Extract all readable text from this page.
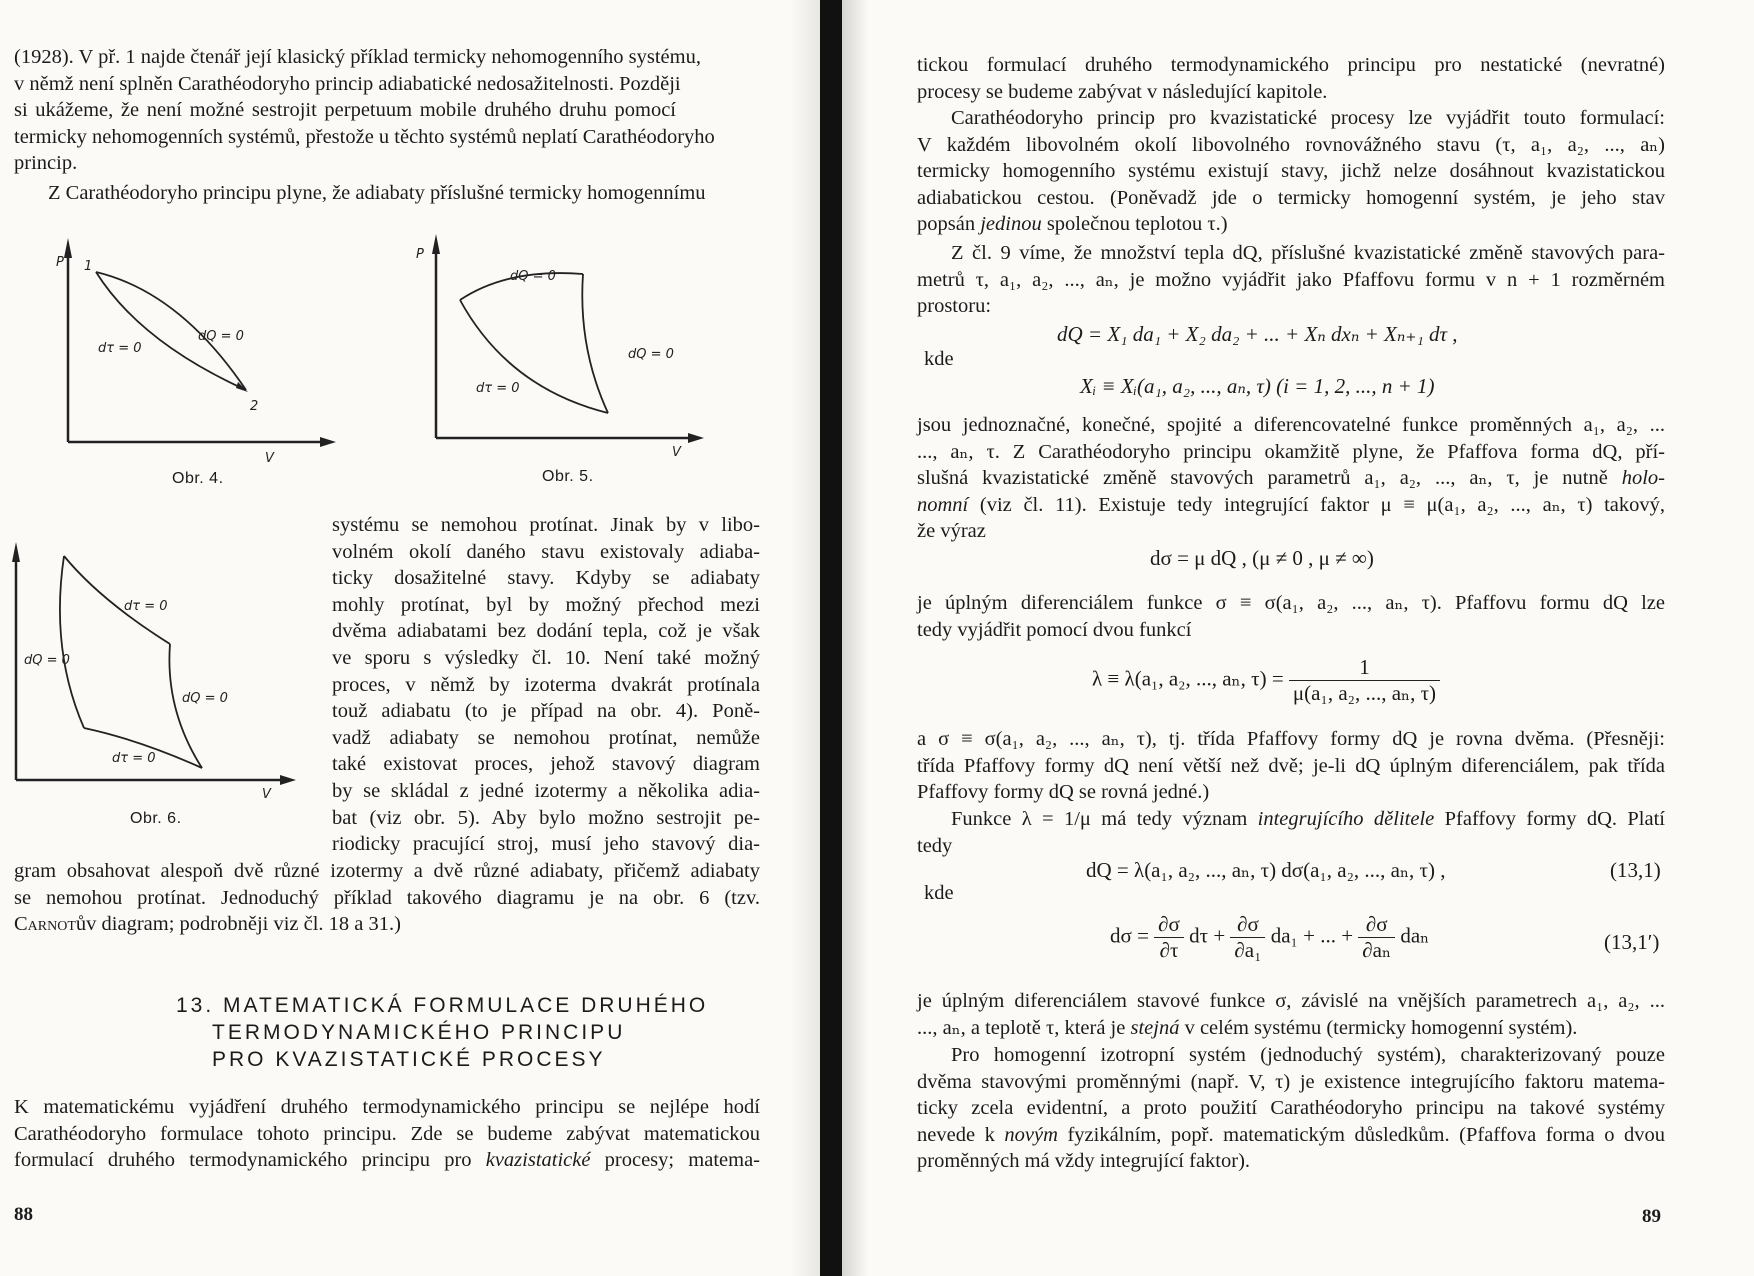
(1928). V př. 1 najde čtenář její klasický příklad termicky nehomogenního systému,
v němž není splněn Carathéodoryho princip adiabatické nedosažitelnosti. Později
si ukážeme, že není možné sestrojit perpetuum mobile druhého druhu pomocí
termicky nehomogenních systémů, přestože u těchto systémů neplatí Carathéodoryho
princip.
Z Carathéodoryho principu plyne, že adiabaty příslušné termicky homogennímu
P
V
1
2
dQ = 0
dτ = 0
Obr. 4.
P
V
dQ = 0
dQ = 0
dτ = 0
Obr. 5.
V
dτ = 0
dQ = 0
dQ = 0
dτ = 0
Obr. 6.
systému se nemohou protínat. Jinak by v libo-
volném okolí daného stavu existovaly adiaba-
ticky dosažitelné stavy. Kdyby se adiabaty
mohly protínat, byl by možný přechod mezi
dvěma adiabatami bez dodání tepla, což je však
ve sporu s výsledky čl. 10. Není také možný
proces, v němž by izoterma dvakrát protínala
touž adiabatu (to je případ na obr. 4). Poně-
vadž adiabaty se nemohou protínat, nemůže
také existovat proces, jehož stavový diagram
by se skládal z jedné izotermy a několika adia-
bat (viz obr. 5). Aby bylo možno sestrojit pe-
riodicky pracující stroj, musí jeho stavový dia-
gram obsahovat alespoň dvě různé izotermy a dvě různé adiabaty, přičemž adiabaty
se nemohou protínat. Jednoduchý příklad takového diagramu je na obr. 6 (tzv.
Carnotův diagram; podrobněji viz čl. 18 a 31.)
13. MATEMATICKÁ FORMULACE DRUHÉHO
TERMODYNAMICKÉHO PRINCIPU
PRO KVAZISTATICKÉ PROCESY
K matematickému vyjádření druhého termodynamického principu se nejlépe hodí
Carathéodoryho formulace tohoto principu. Zde se budeme zabývat matematickou
formulací druhého termodynamického principu pro kvazistatické procesy; matema-
88
tickou formulací druhého termodynamického principu pro nestatické (nevratné)
procesy se budeme zabývat v následující kapitole.
Carathéodoryho princip pro kvazistatické procesy lze vyjádřit touto formulací:
V každém libovolném okolí libovolného rovnovážného stavu (τ, a₁, a₂, ..., aₙ)
termicky homogenního systému existují stavy, jichž nelze dosáhnout kvazistatickou
adiabatickou cestou. (Poněvadž jde o termicky homogenní systém, je jeho stav
popsán jedinou společnou teplotou τ.)
Z čl. 9 víme, že množství tepla dQ, příslušné kvazistatické změně stavových para-
metrů τ, a₁, a₂, ..., aₙ, je možno vyjádřit jako Pfaffovu formu v n + 1 rozměrném
prostoru:
dQ = X₁ da₁ + X₂ da₂ + ... + Xₙ dxₙ + Xₙ₊₁ dτ ,
kde
Xᵢ ≡ Xᵢ(a₁, a₂, ..., aₙ, τ) (i = 1, 2, ..., n + 1)
jsou jednoznačné, konečné, spojité a diferencovatelné funkce proměnných a₁, a₂, ...
..., aₙ, τ. Z Carathéodoryho principu okamžitě plyne, že Pfaffova forma dQ, pří-
slušná kvazistatické změně stavových parametrů a₁, a₂, ..., aₙ, τ, je nutně holo-
nomní (viz čl. 11). Existuje tedy integrující faktor μ ≡ μ(a₁, a₂, ..., aₙ, τ) takový,
že výraz
dσ = μ dQ , (μ ≠ 0 , μ ≠ ∞)
je úplným diferenciálem funkce σ ≡ σ(a₁, a₂, ..., aₙ, τ). Pfaffovu formu dQ lze
tedy vyjádřit pomocí dvou funkcí
λ ≡ λ(a₁, a₂, ..., aₙ, $\tau) = \frac{1}{\text{μ(a₁, a₂, ..., aₙ, τ)}}$
a σ ≡ σ(a₁, a₂, ..., aₙ, τ), tj. třída Pfaffovy formy dQ je rovna dvěma. (Přesněji:
třída Pfaffovy formy dQ není větší než dvě; je-li dQ úplným diferenciálem, pak třída
Pfaffovy formy dQ se rovná jedné.)
Funkce λ = 1/μ má tedy význam integrujícího dělitele Pfaffovy formy dQ. Platí
tedy
dQ = λ(a₁, a₂, ..., aₙ, τ) dσ(a₁, a₂, ..., aₙ, τ) ,	(13,1)
kde
$d\sigma = \frac{\partial\sigma}{\partial\tau}$ $d\tau + \frac{\partial\sigma}{\text{∂a₁}} da_1$ + ... + $\frac{\partial\sigma}{\text{∂aₙ}}$ daₙ	(13,1′)
je úplným diferenciálem stavové funkce σ, závislé na vnějších parametrech a₁, a₂, ...
..., aₙ, a teplotě τ, která je stejná v celém systému (termicky homogenní systém).
Pro homogenní izotropní systém (jednoduchý systém), charakterizovaný pouze
dvěma stavovými proměnnými (např. V, τ) je existence integrujícího faktoru matema-
ticky zcela evidentní, a proto použití Carathéodoryho principu na takové systémy
nevede k novým fyzikálním, popř. matematickým důsledkům. (Pfaffova forma o dvou
proměnných má vždy integrující faktor).
89
